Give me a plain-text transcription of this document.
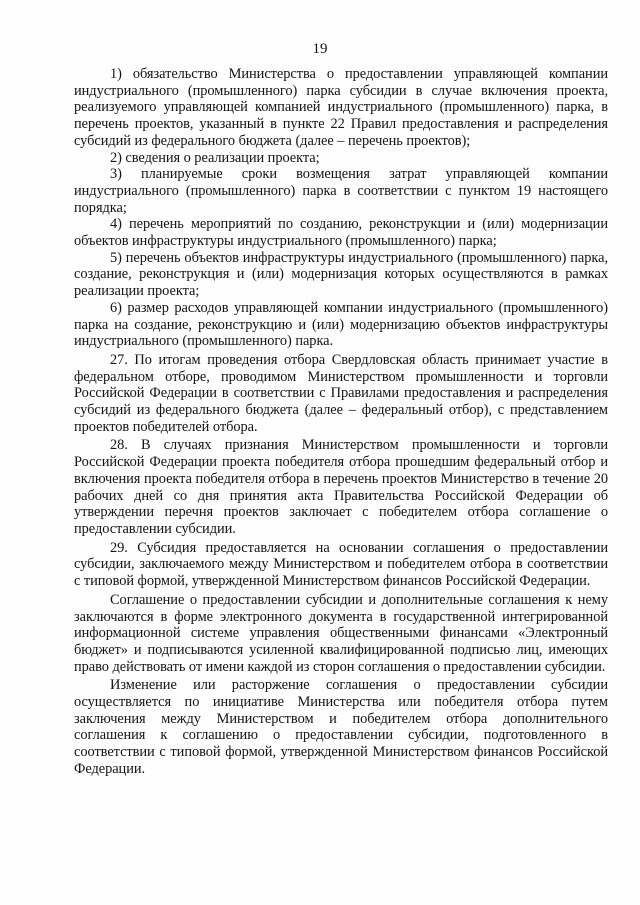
19

1) обязательство Министерства о предоставлении управляющей компании индустриального (промышленного) парка субсидии в случае включения проекта, реализуемого управляющей компанией индустриального (промышленного) парка, в перечень проектов, указанный в пункте 22 Правил предоставления и распределения субсидий из федерального бюджета (далее – перечень проектов);

2) сведения о реализации проекта;

3) планируемые сроки возмещения затрат управляющей компании индустриального (промышленного) парка в соответствии с пунктом 19 настоящего порядка;

4) перечень мероприятий по созданию, реконструкции и (или) модернизации объектов инфраструктуры индустриального (промышленного) парка;

5) перечень объектов инфраструктуры индустриального (промышленного) парка, создание, реконструкция и (или) модернизация которых осуществляются в рамках реализации проекта;

6) размер расходов управляющей компании индустриального (промышленного) парка на создание, реконструкцию и (или) модернизацию объектов инфраструктуры индустриального (промышленного) парка.

27. По итогам проведения отбора Свердловская область принимает участие в федеральном отборе, проводимом Министерством промышленности и торговли Российской Федерации в соответствии с Правилами предоставления и распределения субсидий из федерального бюджета (далее – федеральный отбор), с представлением проектов победителей отбора.

28. В случаях признания Министерством промышленности и торговли Российской Федерации проекта победителя отбора прошедшим федеральный отбор и включения проекта победителя отбора в перечень проектов Министерство в течение 20 рабочих дней со дня принятия акта Правительства Российской Федерации об утверждении перечня проектов заключает с победителем отбора соглашение о предоставлении субсидии.

29. Субсидия предоставляется на основании соглашения о предоставлении субсидии, заключаемого между Министерством и победителем отбора в соответствии с типовой формой, утвержденной Министерством финансов Российской Федерации.

Соглашение о предоставлении субсидии и дополнительные соглашения к нему заключаются в форме электронного документа в государственной интегрированной информационной системе управления общественными финансами «Электронный бюджет» и подписываются усиленной квалифицированной подписью лиц, имеющих право действовать от имени каждой из сторон соглашения о предоставлении субсидии.

Изменение или расторжение соглашения о предоставлении субсидии осуществляется по инициативе Министерства или победителя отбора путем заключения между Министерством и победителем отбора дополнительного соглашения к соглашению о предоставлении субсидии, подготовленного в соответствии с типовой формой, утвержденной Министерством финансов Российской Федерации.
